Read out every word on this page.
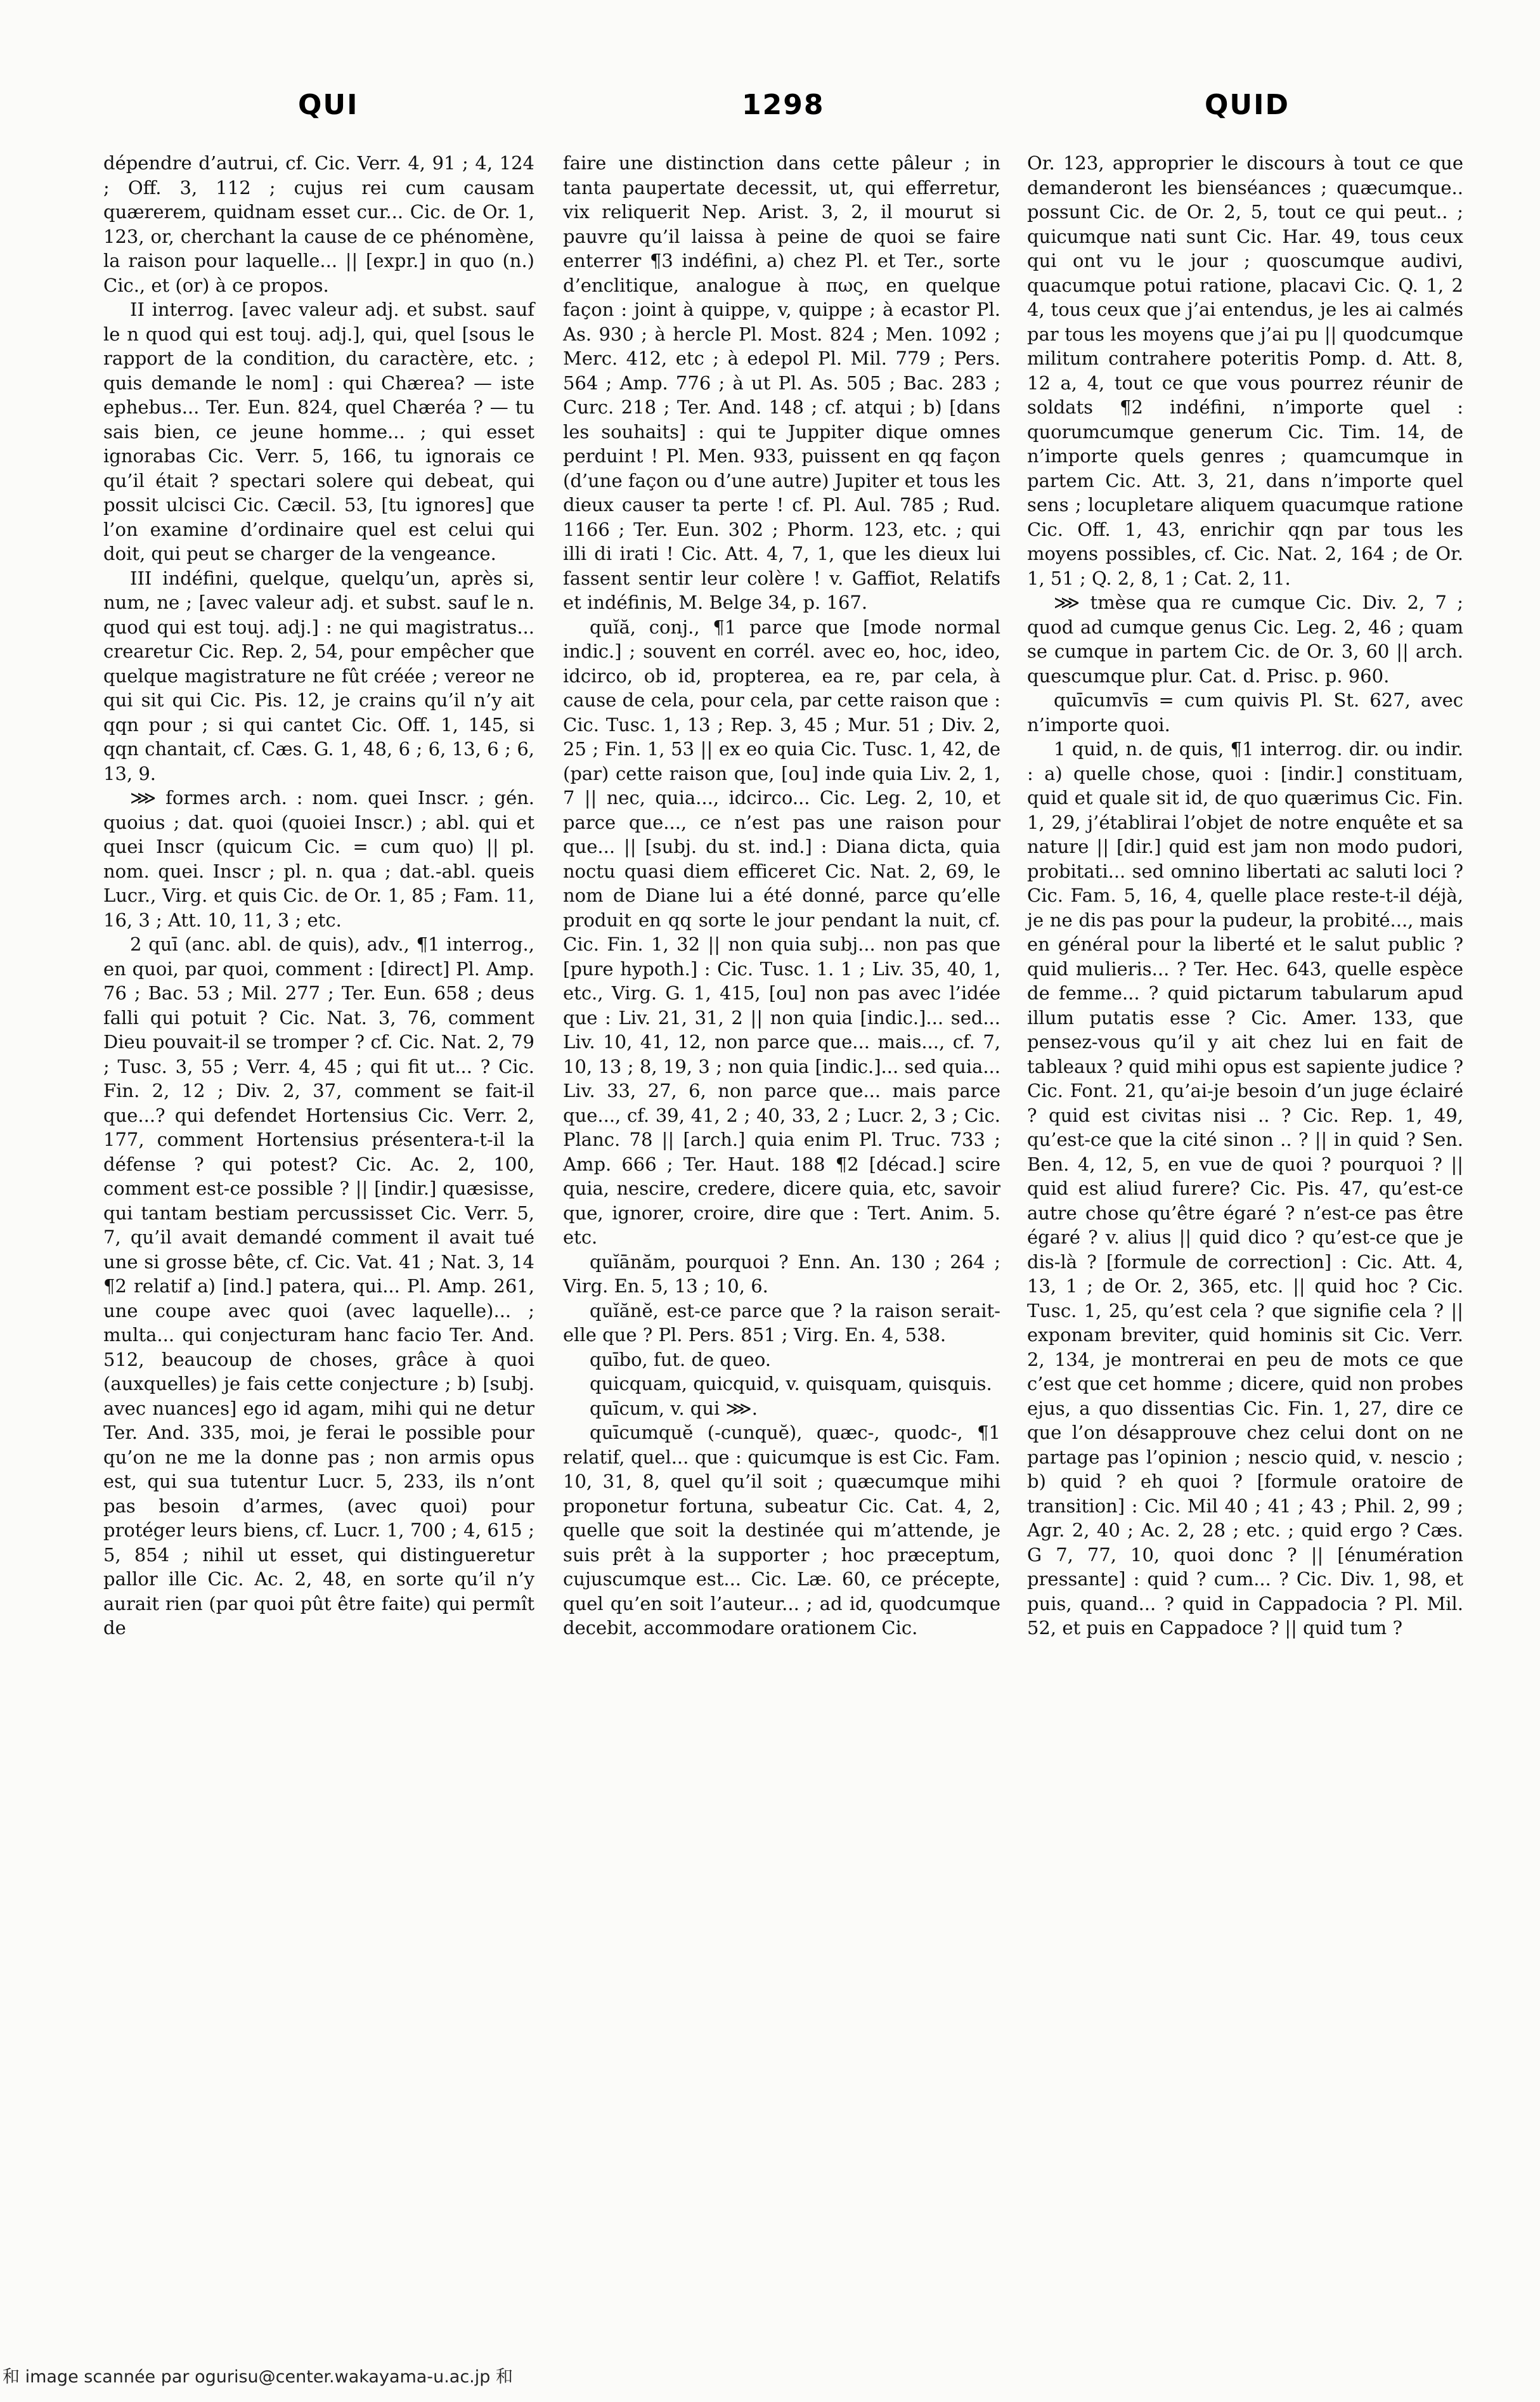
QUI	1298	QUID

dépendre d’autrui, cf. Cic. Verr. 4, 91 ; 4, 124 ; Off. 3, 112 ; cujus rei cum causam quærerem, quidnam esset cur... Cic. de Or. 1, 123, or, cherchant la cause de ce phénomène, la raison pour laquelle... || [expr.] in quo (n.) Cic., et (or) à ce propos.

II interrog. [avec valeur adj. et subst. sauf le n quod qui est touj. adj.], qui, quel [sous le rapport de la condition, du caractère, etc. ; quis demande le nom] : qui Chærea? — iste ephebus... Ter. Eun. 824, quel Chæréa ? — tu sais bien, ce jeune homme... ; qui esset ignorabas Cic. Verr. 5, 166, tu ignorais ce qu’il était ? spectari solere qui debeat, qui possit ulcisci Cic. Cæcil. 53, [tu ignores] que l’on examine d’ordinaire quel est celui qui doit, qui peut se charger de la vengeance.

III indéfini, quelque, quelqu’un, après si, num, ne ; [avec valeur adj. et subst. sauf le n. quod qui est touj. adj.] : ne qui magistratus... crearetur Cic. Rep. 2, 54, pour empêcher que quelque magistrature ne fût créée ; vereor ne qui sit qui Cic. Pis. 12, je crains qu’il n’y ait qqn pour ; si qui cantet Cic. Off. 1, 145, si qqn chantait, cf. Cæs. G. 1, 48, 6 ; 6, 13, 6 ; 6, 13, 9.

⋙ formes arch. : nom. quei Inscr. ; gén. quoius ; dat. quoi (quoiei Inscr.) ; abl. qui et quei Inscr (quicum Cic. = cum quo) || pl. nom. quei. Inscr ; pl. n. qua ; dat.-abl. queis Lucr., Virg. et quis Cic. de Or. 1, 85 ; Fam. 11, 16, 3 ; Att. 10, 11, 3 ; etc.

2 quī (anc. abl. de quis), adv., ¶1 interrog., en quoi, par quoi, comment : [direct] Pl. Amp. 76 ; Bac. 53 ; Mil. 277 ; Ter. Eun. 658 ; deus falli qui potuit ? Cic. Nat. 3, 76, comment Dieu pouvait-il se tromper ? cf. Cic. Nat. 2, 79 ; Tusc. 3, 55 ; Verr. 4, 45 ; qui fit ut... ? Cic. Fin. 2, 12 ; Div. 2, 37, comment se fait-il que...? qui defendet Hortensius Cic. Verr. 2, 177, comment Hortensius présentera-t-il la défense ? qui potest? Cic. Ac. 2, 100, comment est-ce possible ? || [indir.] quæsisse, qui tantam bestiam percussisset Cic. Verr. 5, 7, qu’il avait demandé comment il avait tué une si grosse bête, cf. Cic. Vat. 41 ; Nat. 3, 14 ¶2 relatif a) [ind.] patera, qui... Pl. Amp. 261, une coupe avec quoi (avec laquelle)... ; multa... qui conjecturam hanc facio Ter. And. 512, beaucoup de choses, grâce à quoi (auxquelles) je fais cette conjecture ; b) [subj. avec nuances] ego id agam, mihi qui ne detur Ter. And. 335, moi, je ferai le possible pour qu’on ne me la donne pas ; non armis opus est, qui sua tutentur Lucr. 5, 233, ils n’ont pas besoin d’armes, (avec quoi) pour protéger leurs biens, cf. Lucr. 1, 700 ; 4, 615 ; 5, 854 ; nihil ut esset, qui distingueretur pallor ille Cic. Ac. 2, 48, en sorte qu’il n’y aurait rien (par quoi pût être faite) qui permît de

faire une distinction dans cette pâleur ; in tanta paupertate decessit, ut, qui efferretur, vix reliquerit Nep. Arist. 3, 2, il mourut si pauvre qu’il laissa à peine de quoi se faire enterrer ¶3 indéfini, a) chez Pl. et Ter., sorte d’enclitique, analogue à πως, en quelque façon : joint à quippe, v, quippe ; à ecastor Pl. As. 930 ; à hercle Pl. Most. 824 ; Men. 1092 ; Merc. 412, etc ; à edepol Pl. Mil. 779 ; Pers. 564 ; Amp. 776 ; à ut Pl. As. 505 ; Bac. 283 ; Curc. 218 ; Ter. And. 148 ; cf. atqui ; b) [dans les souhaits] : qui te Juppiter dique omnes perduint ! Pl. Men. 933, puissent en qq façon (d’une façon ou d’une autre) Jupiter et tous les dieux causer ta perte ! cf. Pl. Aul. 785 ; Rud. 1166 ; Ter. Eun. 302 ; Phorm. 123, etc. ; qui illi di irati ! Cic. Att. 4, 7, 1, que les dieux lui fassent sentir leur colère ! v. Gaffiot, Relatifs et indéfinis, M. Belge 34, p. 167.

quĭă, conj., ¶1 parce que [mode normal indic.] ; souvent en corrél. avec eo, hoc, ideo, idcirco, ob id, propterea, ea re, par cela, à cause de cela, pour cela, par cette raison que : Cic. Tusc. 1, 13 ; Rep. 3, 45 ; Mur. 51 ; Div. 2, 25 ; Fin. 1, 53 || ex eo quia Cic. Tusc. 1, 42, de (par) cette raison que, [ou] inde quia Liv. 2, 1, 7 || nec, quia..., idcirco... Cic. Leg. 2, 10, et parce que..., ce n’est pas une raison pour que... || [subj. du st. ind.] : Diana dicta, quia noctu quasi diem efficeret Cic. Nat. 2, 69, le nom de Diane lui a été donné, parce qu’elle produit en qq sorte le jour pendant la nuit, cf. Cic. Fin. 1, 32 || non quia subj... non pas que [pure hypoth.] : Cic. Tusc. 1. 1 ; Liv. 35, 40, 1, etc., Virg. G. 1, 415, [ou] non pas avec l’idée que : Liv. 21, 31, 2 || non quia [indic.]... sed... Liv. 10, 41, 12, non parce que... mais..., cf. 7, 10, 13 ; 8, 19, 3 ; non quia [indic.]... sed quia... Liv. 33, 27, 6, non parce que... mais parce que..., cf. 39, 41, 2 ; 40, 33, 2 ; Lucr. 2, 3 ; Cic. Planc. 78 || [arch.] quia enim Pl. Truc. 733 ; Amp. 666 ; Ter. Haut. 188 ¶2 [décad.] scire quia, nescire, credere, dicere quia, etc, savoir que, ignorer, croire, dire que : Tert. Anim. 5. etc.

quĭānăm, pourquoi ? Enn. An. 130 ; 264 ; Virg. En. 5, 13 ; 10, 6.

quĭănĕ, est-ce parce que ? la raison serait-elle que ? Pl. Pers. 851 ; Virg. En. 4, 538.

quībo, fut. de queo.

quicquam, quicquid, v. quisquam, quisquis.

quīcum, v. qui ⋙.

quīcumquĕ (-cunquĕ), quæc-, quodc-, ¶1 relatif, quel... que : quicumque is est Cic. Fam. 10, 31, 8, quel qu’il soit ; quæcumque mihi proponetur fortuna, subeatur Cic. Cat. 4, 2, quelle que soit la destinée qui m’attende, je suis prêt à la supporter ; hoc præceptum, cujuscumque est... Cic. Læ. 60, ce précepte, quel qu’en soit l’auteur... ; ad id, quodcumque decebit, accommodare orationem Cic.

Or. 123, approprier le discours à tout ce que demanderont les bienséances ; quæcumque.. possunt Cic. de Or. 2, 5, tout ce qui peut.. ; quicumque nati sunt Cic. Har. 49, tous ceux qui ont vu le jour ; quoscumque audivi, quacumque potui ratione, placavi Cic. Q. 1, 2 4, tous ceux que j’ai entendus, je les ai calmés par tous les moyens que j’ai pu || quodcumque militum contrahere poteritis Pomp. d. Att. 8, 12 a, 4, tout ce que vous pourrez réunir de soldats ¶2 indéfini, n’importe quel : quorumcumque generum Cic. Tim. 14, de n’importe quels genres ; quamcumque in partem Cic. Att. 3, 21, dans n’importe quel sens ; locupletare aliquem quacumque ratione Cic. Off. 1, 43, enrichir qqn par tous les moyens possibles, cf. Cic. Nat. 2, 164 ; de Or. 1, 51 ; Q. 2, 8, 1 ; Cat. 2, 11.

⋙ tmèse qua re cumque Cic. Div. 2, 7 ; quod ad cumque genus Cic. Leg. 2, 46 ; quam se cumque in partem Cic. de Or. 3, 60 || arch. quescumque plur. Cat. d. Prisc. p. 960.

quīcumvīs = cum quivis Pl. St. 627, avec n’importe quoi.

1 quid, n. de quis, ¶1 interrog. dir. ou indir. : a) quelle chose, quoi : [indir.] constituam, quid et quale sit id, de quo quærimus Cic. Fin. 1, 29, j’établirai l’objet de notre enquête et sa nature || [dir.] quid est jam non modo pudori, probitati... sed omnino libertati ac saluti loci ? Cic. Fam. 5, 16, 4, quelle place reste-t-il déjà, je ne dis pas pour la pudeur, la probité..., mais en général pour la liberté et le salut public ? quid mulieris... ? Ter. Hec. 643, quelle espèce de femme... ? quid pictarum tabularum apud illum putatis esse ? Cic. Amer. 133, que pensez-vous qu’il y ait chez lui en fait de tableaux ? quid mihi opus est sapiente judice ? Cic. Font. 21, qu’ai-je besoin d’un juge éclairé ? quid est civitas nisi .. ? Cic. Rep. 1, 49, qu’est-ce que la cité sinon .. ? || in quid ? Sen. Ben. 4, 12, 5, en vue de quoi ? pourquoi ? || quid est aliud furere? Cic. Pis. 47, qu’est-ce autre chose qu’être égaré ? n’est-ce pas être égaré ? v. alius || quid dico ? qu’est-ce que je dis-là ? [formule de correction] : Cic. Att. 4, 13, 1 ; de Or. 2, 365, etc. || quid hoc ? Cic. Tusc. 1, 25, qu’est cela ? que signifie cela ? || exponam breviter, quid hominis sit Cic. Verr. 2, 134, je montrerai en peu de mots ce que c’est que cet homme ; dicere, quid non probes ejus, a quo dissentias Cic. Fin. 1, 27, dire ce que l’on désapprouve chez celui dont on ne partage pas l’opinion ; nescio quid, v. nescio ; b) quid ? eh quoi ? [formule oratoire de transition] : Cic. Mil 40 ; 41 ; 43 ; Phil. 2, 99 ; Agr. 2, 40 ; Ac. 2, 28 ; etc. ; quid ergo ? Cæs. G 7, 77, 10, quoi donc ? || [énumération pressante] : quid ? cum... ? Cic. Div. 1, 98, et puis, quand... ? quid in Cappadocia ? Pl. Mil. 52, et puis en Cappadoce ? || quid tum ?

和 image scannée par ogurisu@center.wakayama-u.ac.jp 和
